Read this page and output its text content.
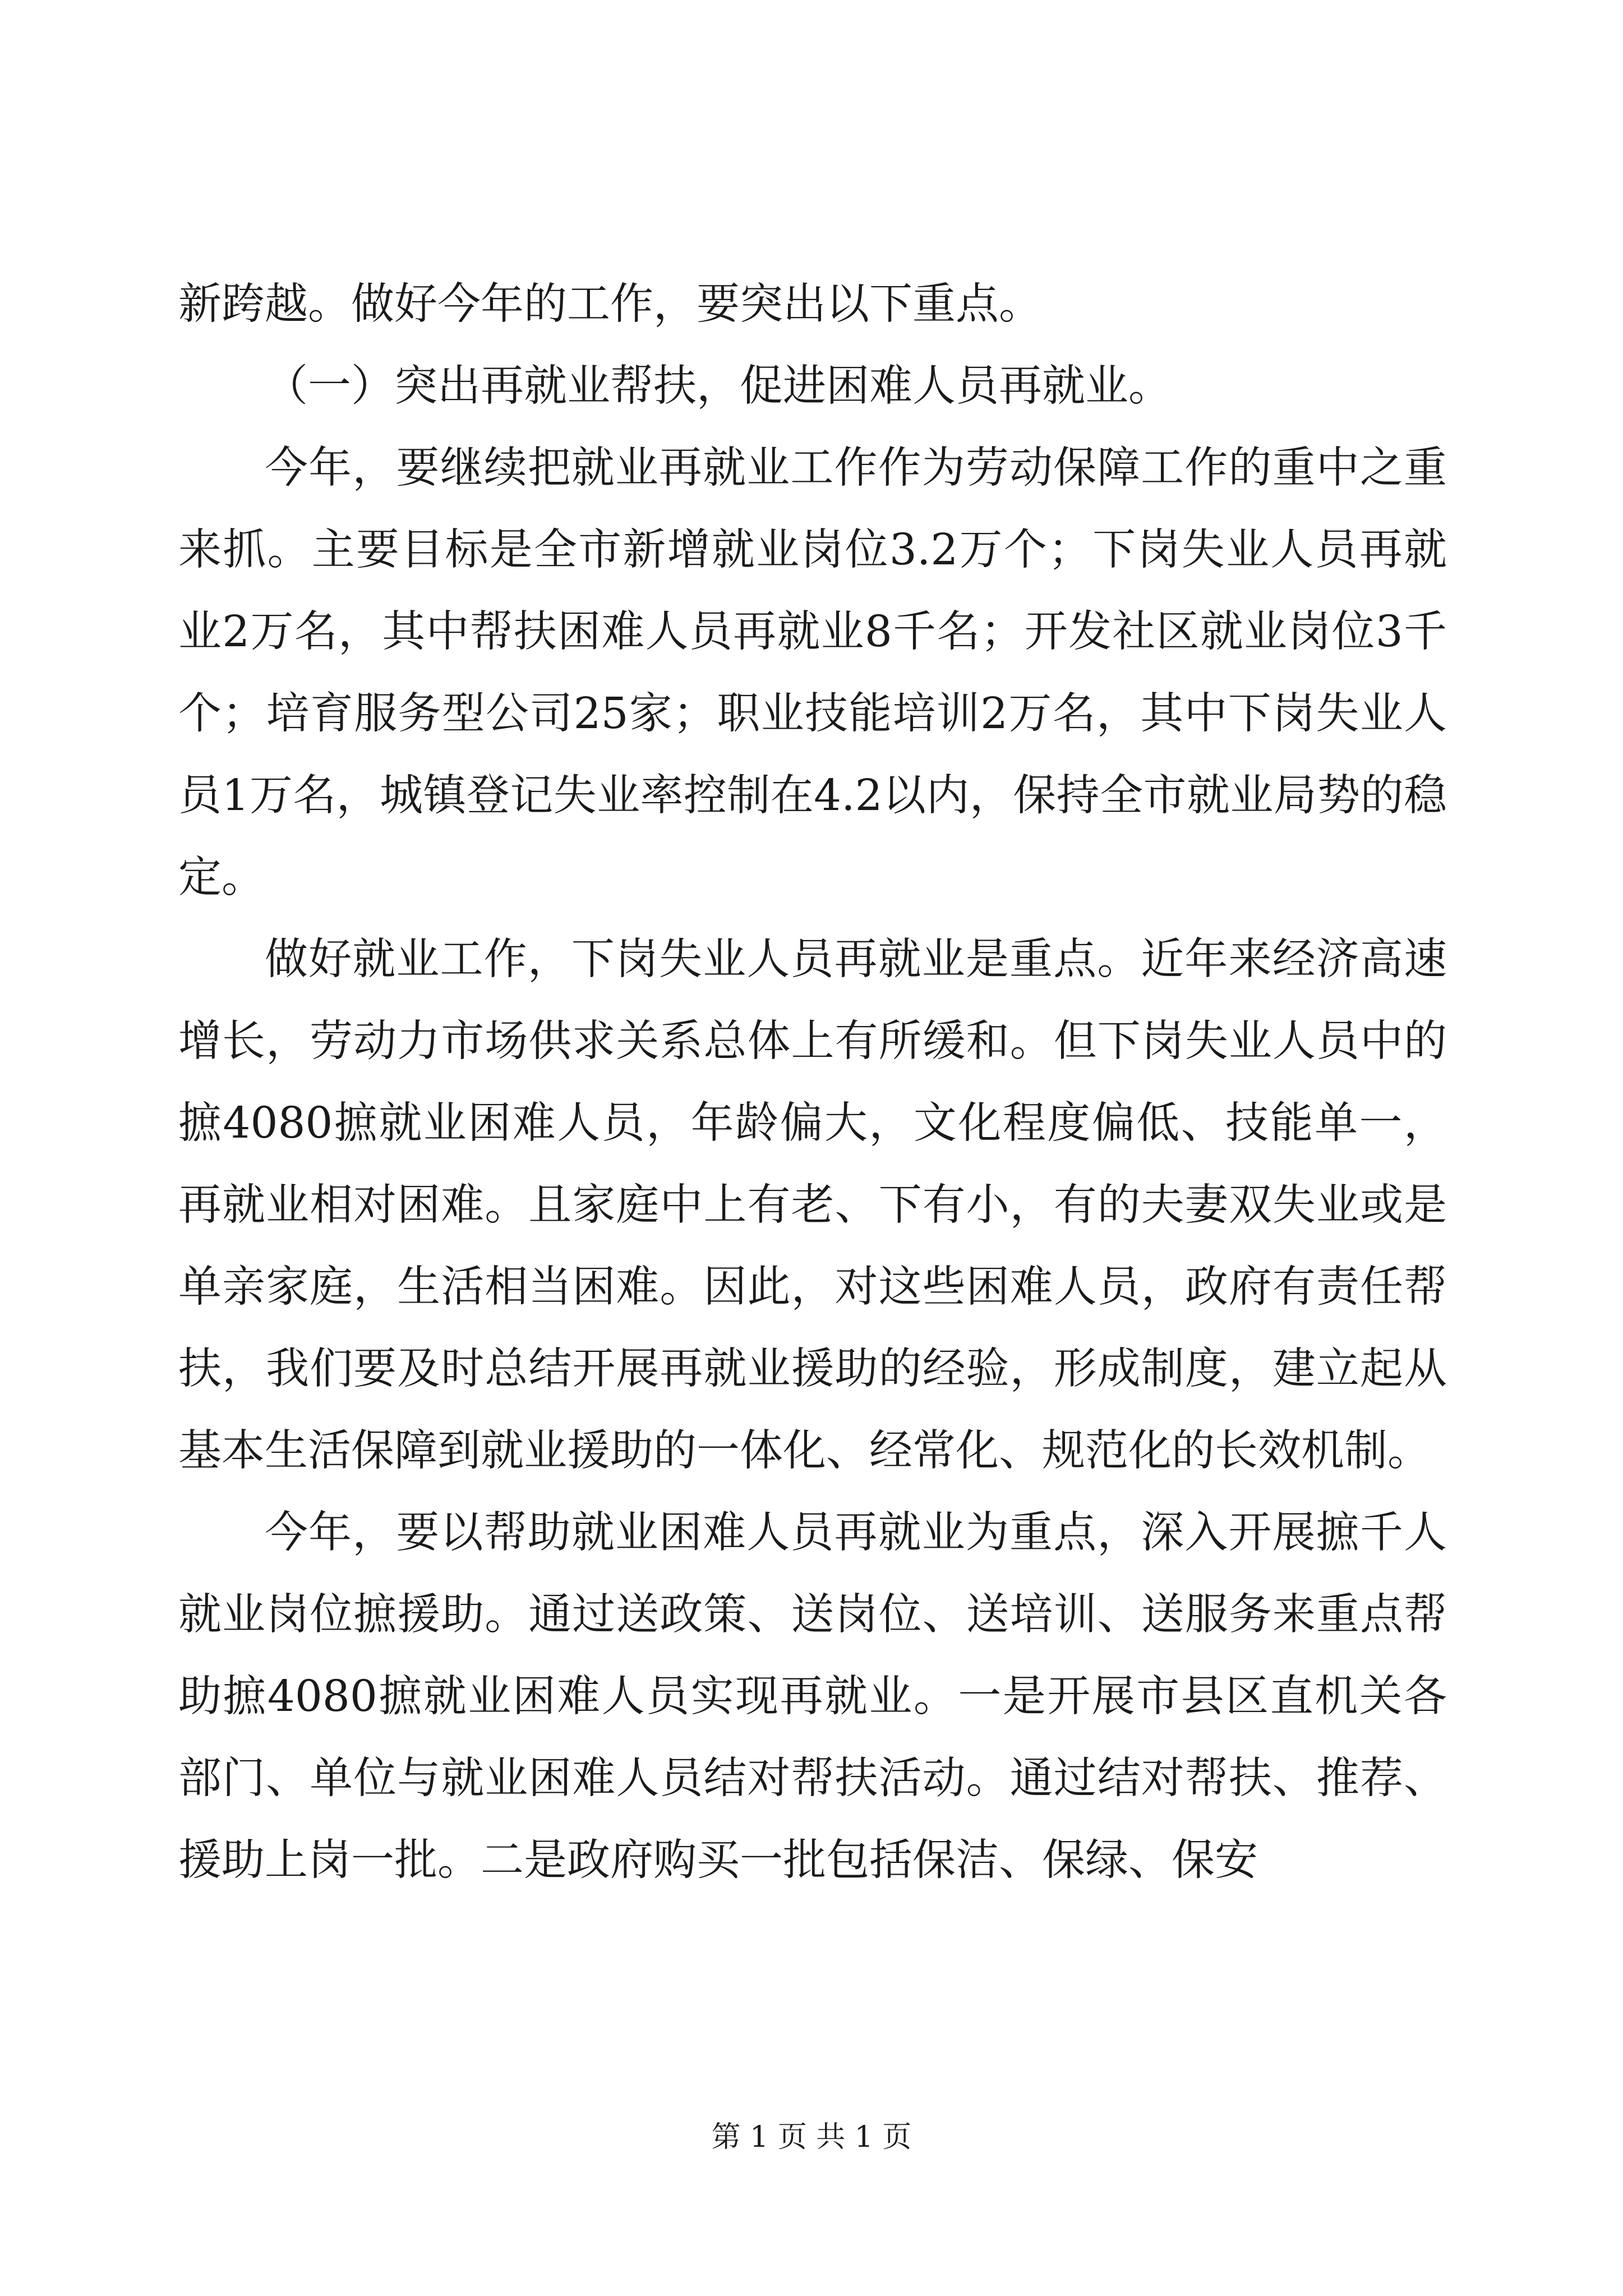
新跨越。做好今年的工作，要突出以下重点。

（一）突出再就业帮扶，促进困难人员再就业。

今年，要继续把就业再就业工作作为劳动保障工作的重中之重来抓。主要目标是全市新增就业岗位3.2万个；下岗失业人员再就业2万名，其中帮扶困难人员再就业8千名；开发社区就业岗位3千个；培育服务型公司25家；职业技能培训2万名，其中下岗失业人员1万名，城镇登记失业率控制在4.2以内，保持全市就业局势的稳定。

做好就业工作，下岗失业人员再就业是重点。近年来经济高速增长，劳动力市场供求关系总体上有所缓和。但下岗失业人员中的摭4080摭就业困难人员，年龄偏大，文化程度偏低、技能单一，再就业相对困难。且家庭中上有老、下有小，有的夫妻双失业或是单亲家庭，生活相当困难。因此，对这些困难人员，政府有责任帮扶，我们要及时总结开展再就业援助的经验，形成制度，建立起从基本生活保障到就业援助的一体化、经常化、规范化的长效机制。

今年，要以帮助就业困难人员再就业为重点，深入开展摭千人就业岗位摭援助。通过送政策、送岗位、送培训、送服务来重点帮助摭4080摭就业困难人员实现再就业。一是开展市县区直机关各部门、单位与就业困难人员结对帮扶活动。通过结对帮扶、推荐、援助上岗一批。二是政府购买一批包括保洁、保绿、保安

第 1 页 共 1 页
